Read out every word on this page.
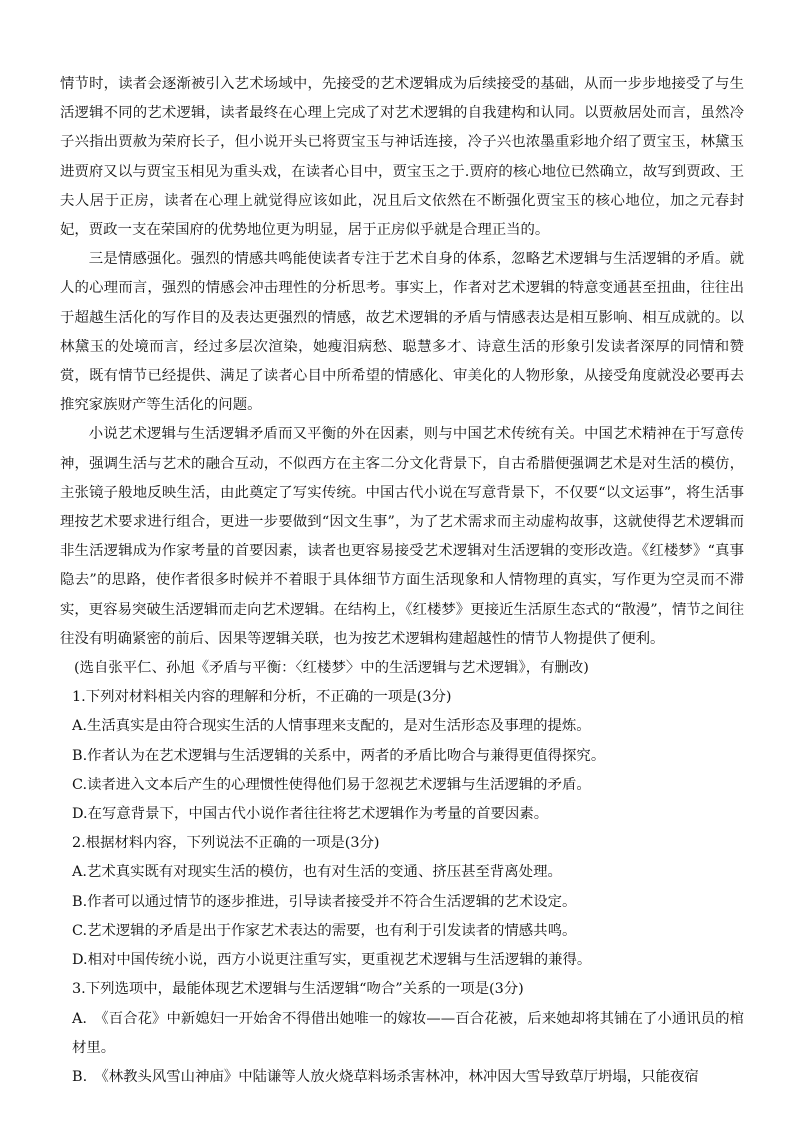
情节时，读者会逐渐被引入艺术场域中，先接受的艺术逻辑成为后续接受的基础，从而一步步地接受了与生活逻辑不同的艺术逻辑，读者最终在心理上完成了对艺术逻辑的自我建构和认同。以贾赦居处而言，虽然冷子兴指出贾赦为荣府长子，但小说开头已将贾宝玉与神话连接，冷子兴也浓墨重彩地介绍了贾宝玉，林黛玉进贾府又以与贾宝玉相见为重头戏，在读者心目中，贾宝玉之于.贾府的核心地位已然确立，故写到贾政、王夫人居于正房，读者在心理上就觉得应该如此，况且后文依然在不断强化贾宝玉的核心地位，加之元春封妃，贾政一支在荣国府的优势地位更为明显，居于正房似乎就是合理正当的。

三是情感强化。强烈的情感共鸣能使读者专注于艺术自身的体系，忽略艺术逻辑与生活逻辑的矛盾。就人的心理而言，强烈的情感会冲击理性的分析思考。事实上，作者对艺术逻辑的特意变通甚至扭曲，往往出于超越生活化的写作目的及表达更强烈的情感，故艺术逻辑的矛盾与情感表达是相互影响、相互成就的。以林黛玉的处境而言，经过多层次渲染，她瘦泪病愁、聪慧多才、诗意生活的形象引发读者深厚的同情和赞赏，既有情节已经提供、满足了读者心目中所希望的情感化、审美化的人物形象，从接受角度就没必要再去推究家族财产等生活化的问题。

小说艺术逻辑与生活逻辑矛盾而又平衡的外在因素，则与中国艺术传统有关。中国艺术精神在于写意传神，强调生活与艺术的融合互动，不似西方在主客二分文化背景下，自古希腊便强调艺术是对生活的模仿，主张镜子般地反映生活，由此奠定了写实传统。中国古代小说在写意背景下，不仅要“以文运事”，将生活事理按艺术要求进行组合，更进一步要做到“因文生事”，为了艺术需求而主动虚构故事，这就使得艺术逻辑而非生活逻辑成为作家考量的首要因素，读者也更容易接受艺术逻辑对生活逻辑的变形改造。《红楼梦》“真事隐去”的思路，使作者很多时候并不着眼于具体细节方面生活现象和人情物理的真实，写作更为空灵而不滞实，更容易突破生活逻辑而走向艺术逻辑。在结构上，《红楼梦》更接近生活原生态式的“散漫”，情节之间往往没有明确紧密的前后、因果等逻辑关联，也为按艺术逻辑构建超越性的情节人物提供了便利。

(选自张平仁、孙旭《矛盾与平衡：〈红楼梦〉中的生活逻辑与艺术逻辑》，有删改)

1.下列对材料相关内容的理解和分析，不正确的一项是(3分)

A.生活真实是由符合现实生活的人情事理来支配的，是对生活形态及事理的提炼。

B.作者认为在艺术逻辑与生活逻辑的关系中，两者的矛盾比吻合与兼得更值得探究。

C.读者进入文本后产生的心理惯性使得他们易于忽视艺术逻辑与生活逻辑的矛盾。

D.在写意背景下，中国古代小说作者往往将艺术逻辑作为考量的首要因素。

2.根据材料内容，下列说法不正确的一项是(3分)

A.艺术真实既有对现实生活的模仿，也有对生活的变通、挤压甚至背离处理。

B.作者可以通过情节的逐步推进，引导读者接受并不符合生活逻辑的艺术设定。

C.艺术逻辑的矛盾是出于作家艺术表达的需要，也有利于引发读者的情感共鸣。

D.相对中国传统小说，西方小说更注重写实，更重视艺术逻辑与生活逻辑的兼得。

3.下列选项中，最能体现艺术逻辑与生活逻辑“吻合”关系的一项是(3分)

A.　《百合花》中新媳妇一开始舍不得借出她唯一的嫁妆——百合花被，后来她却将其铺在了小通讯员的棺材里。

B.　《林教头风雪山神庙》中陆谦等人放火烧草料场杀害林冲，林冲因大雪导致草厅坍塌，只能夜宿
